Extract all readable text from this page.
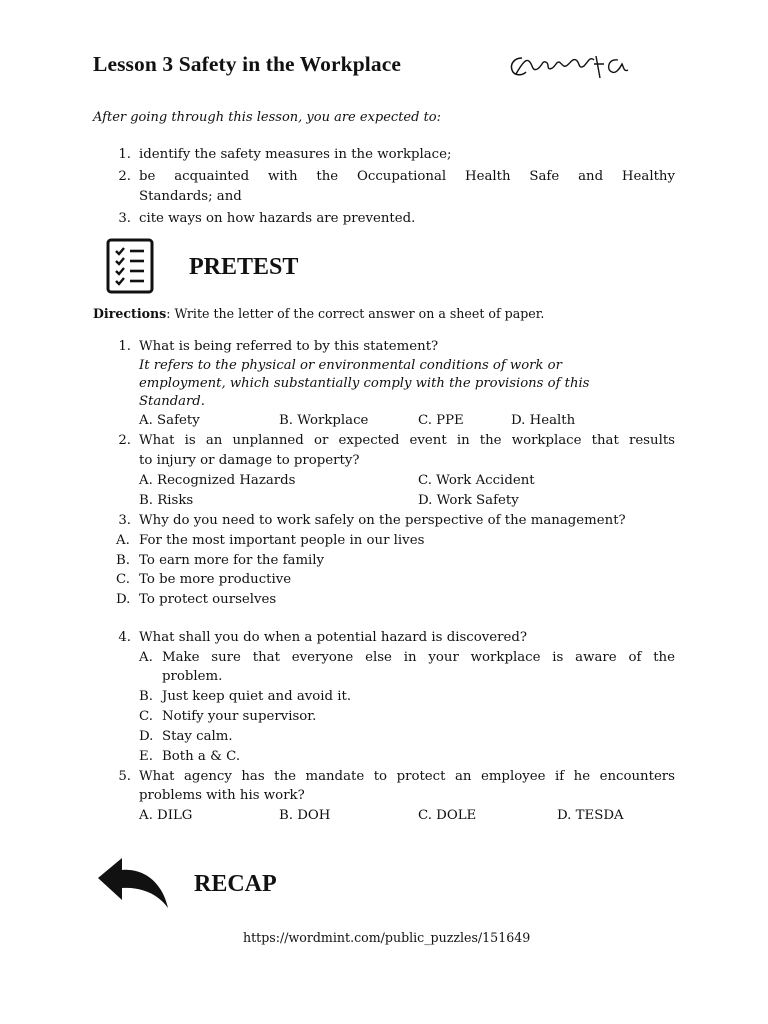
Lesson 3 Safety in the Workplace
After going through this lesson, you are expected to:
1. identify the safety measures in the workplace;
2. be acquainted with the Occupational Health Safe and Healthy
Standards; and
3. cite ways on how hazards are prevented.
PRETEST
Directions: Write the letter of the correct answer on a sheet of paper.
1. What is being referred to by this statement?
It refers to the physical or environmental conditions of work or
employment, which substantially comply with the provisions of this
Standard.
A. Safety	B. Workplace	C. PPE	D. Health
2. What is an unplanned or expected event in the workplace that results
to injury or damage to property?
A. Recognized Hazards	C. Work Accident
B. Risks	D. Work Safety
3. Why do you need to work safely on the perspective of the management?
A. For the most important people in our lives
B. To earn more for the family
C. To be more productive
D. To protect ourselves
4. What shall you do when a potential hazard is discovered?
A. Make sure that everyone else in your workplace is aware of the
problem.
B. Just keep quiet and avoid it.
C. Notify your supervisor.
D. Stay calm.
E. Both a & C.
5. What agency has the mandate to protect an employee if he encounters
problems with his work?
A. DILG	B. DOH	C. DOLE	D. TESDA
RECAP
https://wordmint.com/public_puzzles/151649
